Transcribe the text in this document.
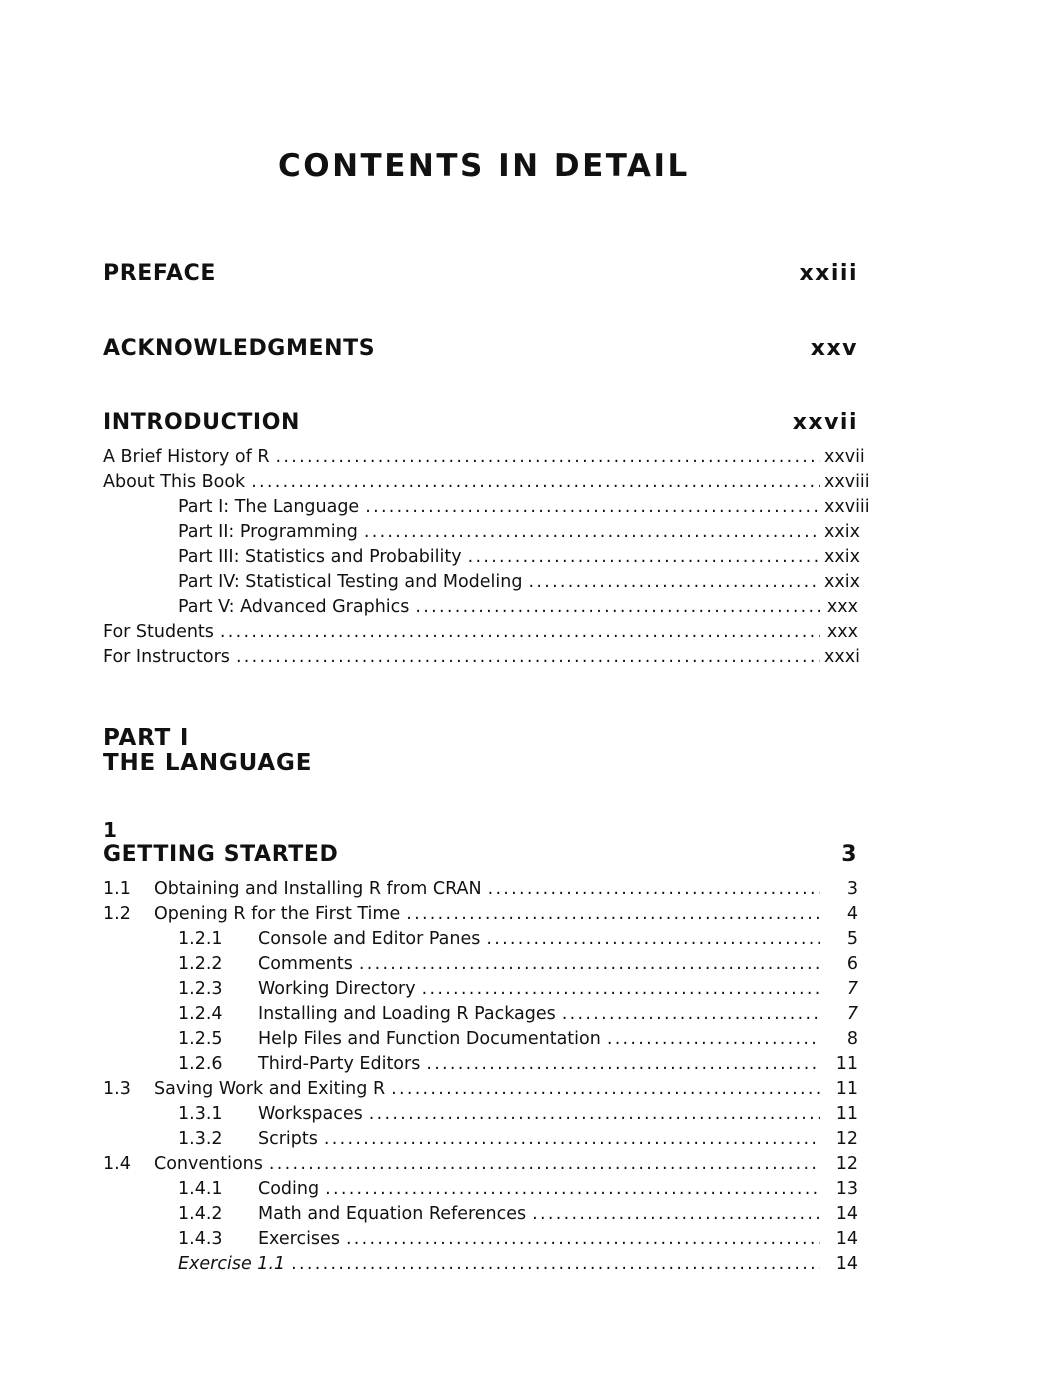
CONTENTS IN DETAIL
PREFACE	xxiii
ACKNOWLEDGMENTS	xxv
INTRODUCTION	xxvii
A Brief History of R .....	xxvii
About This Book .....	xxviii
Part I: The Language .....	xxviii
Part II: Programming .....	xxix
Part III: Statistics and Probability .....	xxix
Part IV: Statistical Testing and Modeling .....	xxix
Part V: Advanced Graphics .....	xxx
For Students .....	xxx
For Instructors .....	xxxi
PART I
THE LANGUAGE
1
GETTING STARTED	3
1.1	Obtaining and Installing R from CRAN .....	3
1.2	Opening R for the First Time .....	4
1.2.1	Console and Editor Panes .....	5
1.2.2	Comments .....	6
1.2.3	Working Directory .....	7
1.2.4	Installing and Loading R Packages .....	7
1.2.5	Help Files and Function Documentation .....	8
1.2.6	Third-Party Editors .....	11
1.3	Saving Work and Exiting R .....	11
1.3.1	Workspaces .....	11
1.3.2	Scripts .....	12
1.4	Conventions .....	12
1.4.1	Coding .....	13
1.4.2	Math and Equation References .....	14
1.4.3	Exercises .....	14
Exercise 1.1 .....	14
